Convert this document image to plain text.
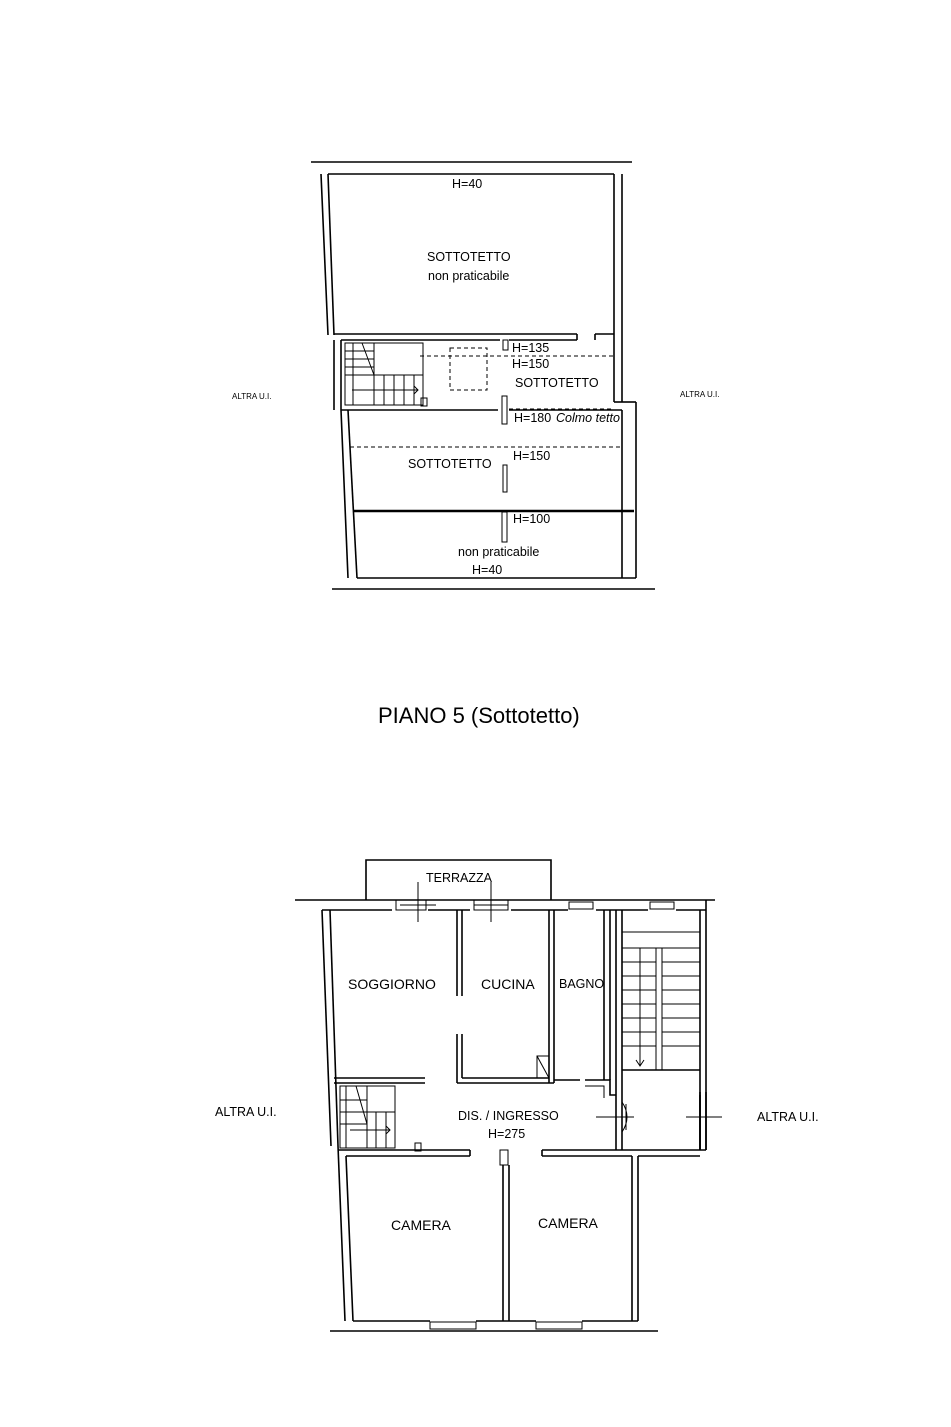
H=40
SOTTOTETTO
non praticabile
H=135
H=150
SOTTOTETTO
H=180 Colmo tetto
SOTTOTETTO
H=150
H=100
non praticabile
H=40
ALTRA U.I.	ALTRA U.I.
PIANO 5 (Sottotetto)
TERRAZZA
SOGGIORNO	CUCINA BAGNO
DIS. / INGRESSO
H=275
CAMERA	CAMERA
ALTRA U.I.	ALTRA U.I.
